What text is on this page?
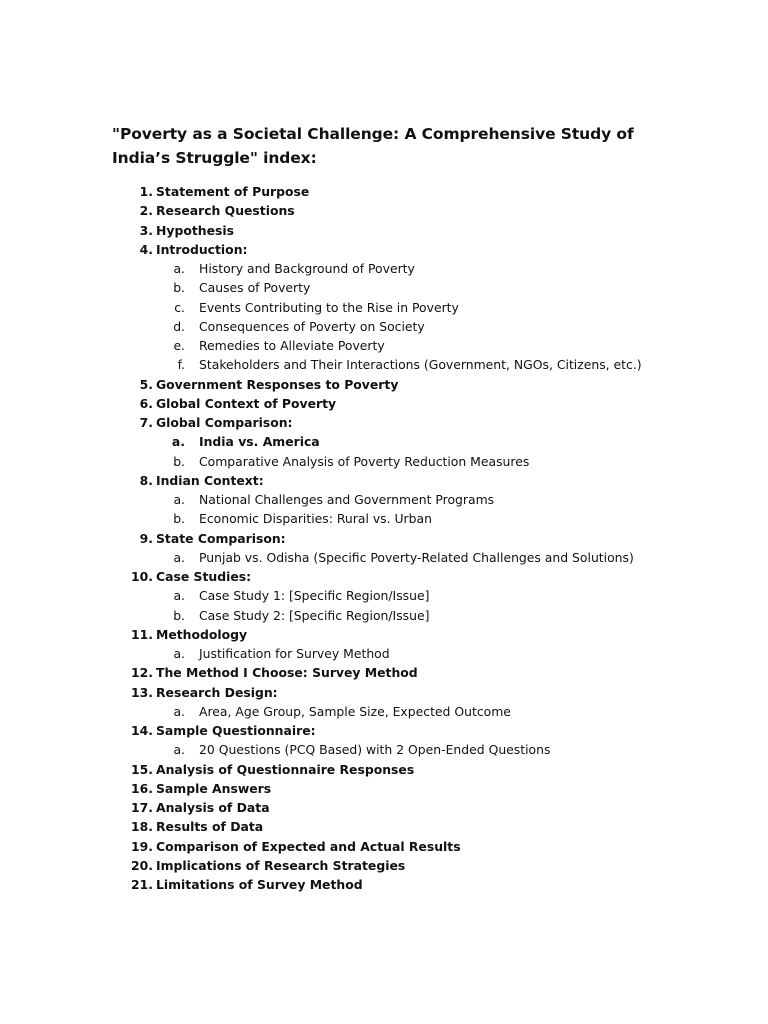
"Poverty as a Societal Challenge: A Comprehensive Study of India’s Struggle" index:
1. Statement of Purpose
2. Research Questions
3. Hypothesis
4. Introduction:
a. History and Background of Poverty
b. Causes of Poverty
c. Events Contributing to the Rise in Poverty
d. Consequences of Poverty on Society
e. Remedies to Alleviate Poverty
f. Stakeholders and Their Interactions (Government, NGOs, Citizens, etc.)
5. Government Responses to Poverty
6. Global Context of Poverty
7. Global Comparison:
a. India vs. America
b. Comparative Analysis of Poverty Reduction Measures
8. Indian Context:
a. National Challenges and Government Programs
b. Economic Disparities: Rural vs. Urban
9. State Comparison:
a. Punjab vs. Odisha (Specific Poverty-Related Challenges and Solutions)
10. Case Studies:
a. Case Study 1: [Specific Region/Issue]
b. Case Study 2: [Specific Region/Issue]
11. Methodology
a. Justification for Survey Method
12. The Method I Choose: Survey Method
13. Research Design:
a. Area, Age Group, Sample Size, Expected Outcome
14. Sample Questionnaire:
a. 20 Questions (PCQ Based) with 2 Open-Ended Questions
15. Analysis of Questionnaire Responses
16. Sample Answers
17. Analysis of Data
18. Results of Data
19. Comparison of Expected and Actual Results
20. Implications of Research Strategies
21. Limitations of Survey Method
